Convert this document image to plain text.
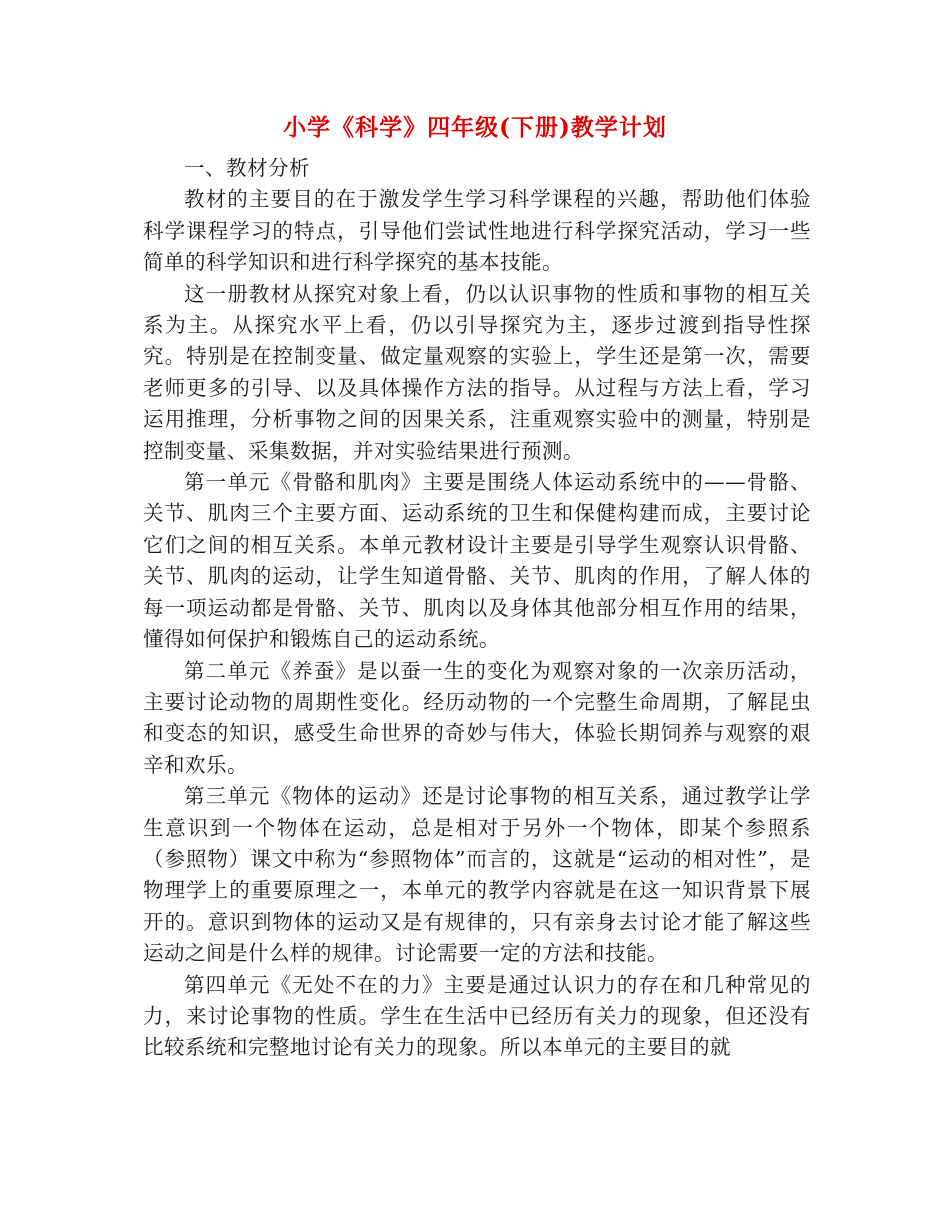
小学《科学》四年级(下册)教学计划

一、教材分析

教材的主要目的在于激发学生学习科学课程的兴趣，帮助他们体验科学课程学习的特点，引导他们尝试性地进行科学探究活动，学习一些简单的科学知识和进行科学探究的基本技能。

这一册教材从探究对象上看，仍以认识事物的性质和事物的相互关系为主。从探究水平上看，仍以引导探究为主，逐步过渡到指导性探究。特别是在控制变量、做定量观察的实验上，学生还是第一次，需要老师更多的引导、以及具体操作方法的指导。从过程与方法上看，学习运用推理，分析事物之间的因果关系，注重观察实验中的测量，特别是控制变量、采集数据，并对实验结果进行预测。

第一单元《骨骼和肌肉》主要是围绕人体运动系统中的——骨骼、关节、肌肉三个主要方面、运动系统的卫生和保健构建而成，主要讨论它们之间的相互关系。本单元教材设计主要是引导学生观察认识骨骼、关节、肌肉的运动，让学生知道骨骼、关节、肌肉的作用，了解人体的每一项运动都是骨骼、关节、肌肉以及身体其他部分相互作用的结果，懂得如何保护和锻炼自己的运动系统。

第二单元《养蚕》是以蚕一生的变化为观察对象的一次亲历活动，主要讨论动物的周期性变化。经历动物的一个完整生命周期，了解昆虫和变态的知识，感受生命世界的奇妙与伟大，体验长期饲养与观察的艰辛和欢乐。

第三单元《物体的运动》还是讨论事物的相互关系，通过教学让学生意识到一个物体在运动，总是相对于另外一个物体，即某个参照系（参照物）课文中称为“参照物体”而言的，这就是“运动的相对性”，是物理学上的重要原理之一，本单元的教学内容就是在这一知识背景下展开的。意识到物体的运动又是有规律的，只有亲身去讨论才能了解这些运动之间是什么样的规律。讨论需要一定的方法和技能。

第四单元《无处不在的力》主要是通过认识力的存在和几种常见的力，来讨论事物的性质。学生在生活中已经历有关力的现象，但还没有比较系统和完整地讨论有关力的现象。所以本单元的主要目的就
